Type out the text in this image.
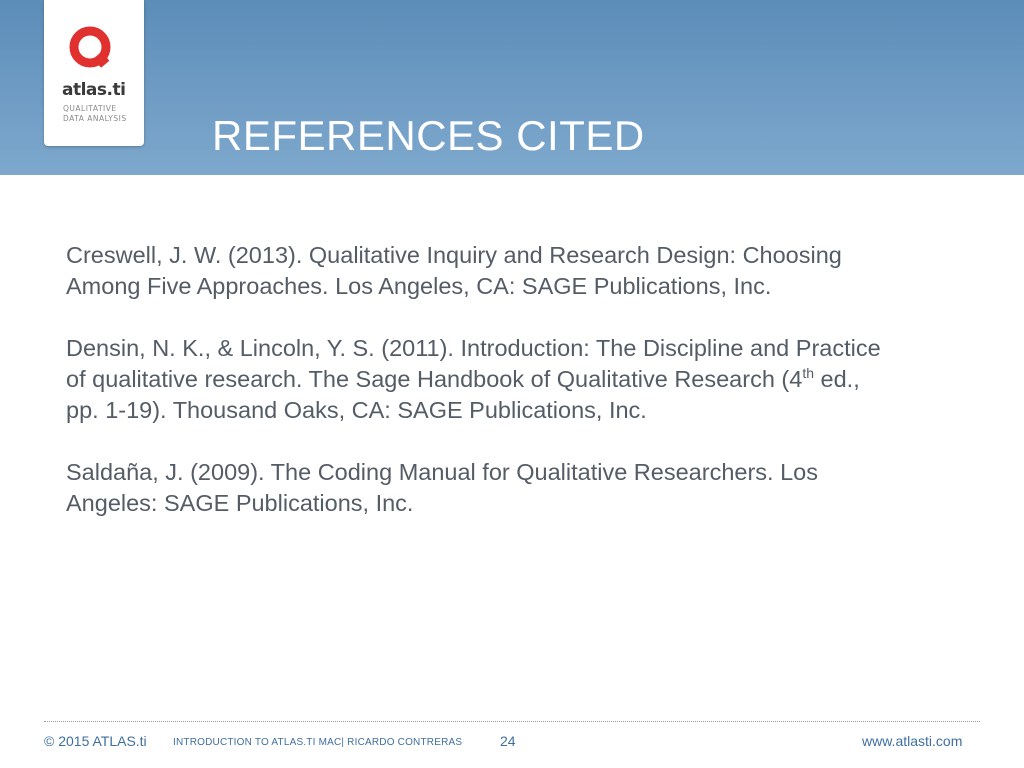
atlas.ti
QUALITATIVE
DATA ANALYSIS REFERENCES CITED

Creswell, J. W. (2013). Qualitative Inquiry and Research Design: Choosing Among Five Approaches. Los Angeles, CA: SAGE Publications, Inc.

Densin, N. K., & Lincoln, Y. S. (2011). Introduction: The Discipline and Practice of qualitative research. The Sage Handbook of Qualitative Research (4th ed., pp. 1-19). Thousand Oaks, CA: SAGE Publications, Inc.

Saldaña, J. (2009). The Coding Manual for Qualitative Researchers. Los Angeles: SAGE Publications, Inc.

© 2015 ATLAS.ti	INTRODUCTION TO ATLAS.TI MAC| RICARDO CONTRERAS	24	www.atlasti.com
